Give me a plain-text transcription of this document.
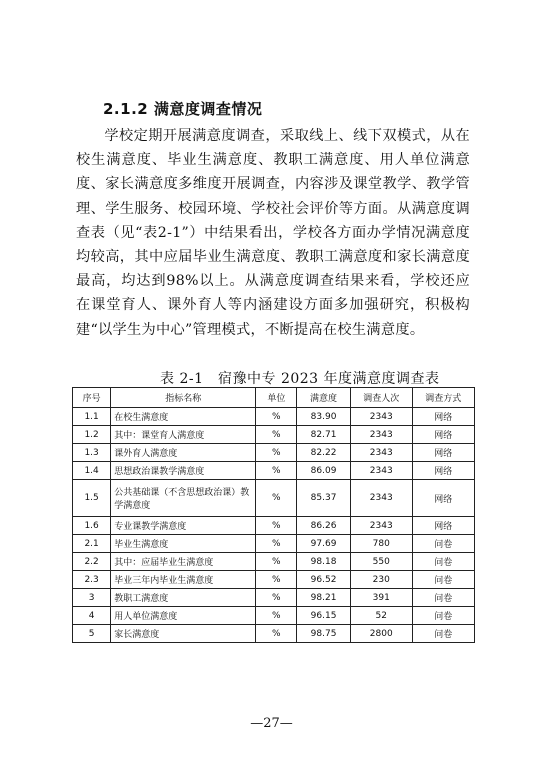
2.1.2 满意度调查情况

学校定期开展满意度调查，采取线上、线下双模式，从在校生满意度、毕业生满意度、教职工满意度、用人单位满意度、家长满意度多维度开展调查，内容涉及课堂教学、教学管理、学生服务、校园环境、学校社会评价等方面。从满意度调查表（见“表2-1”）中结果看出，学校各方面办学情况满意度均较高，其中应届毕业生满意度、教职工满意度和家长满意度最高，均达到98%以上。从满意度调查结果来看，学校还应在课堂育人、课外育人等内涵建设方面多加强研究，积极构建“以学生为中心”管理模式，不断提高在校生满意度。

表 2-1　宿豫中专 2023 年度满意度调查表
序号	指标名称	单位	满意度	调查人次	调查方式
1.1	在校生满意度	%	83.90	2343	网络
1.2	其中：课堂育人满意度	%	82.71	2343	网络
1.3	课外育人满意度	%	82.22	2343	网络
1.4	思想政治课教学满意度	%	86.09	2343	网络
1.5	公共基础课（不含思想政治课）教学满意度	%	85.37	2343	网络
1.6	专业课教学满意度	%	86.26	2343	网络
2.1	毕业生满意度	%	97.69	780	问卷
2.2	其中：应届毕业生满意度	%	98.18	550	问卷
2.3	毕业三年内毕业生满意度	%	96.52	230	问卷
3	教职工满意度	%	98.21	391	问卷
4	用人单位满意度	%	96.15	52	问卷
5	家长满意度	%	98.75	2800	问卷
—27—
